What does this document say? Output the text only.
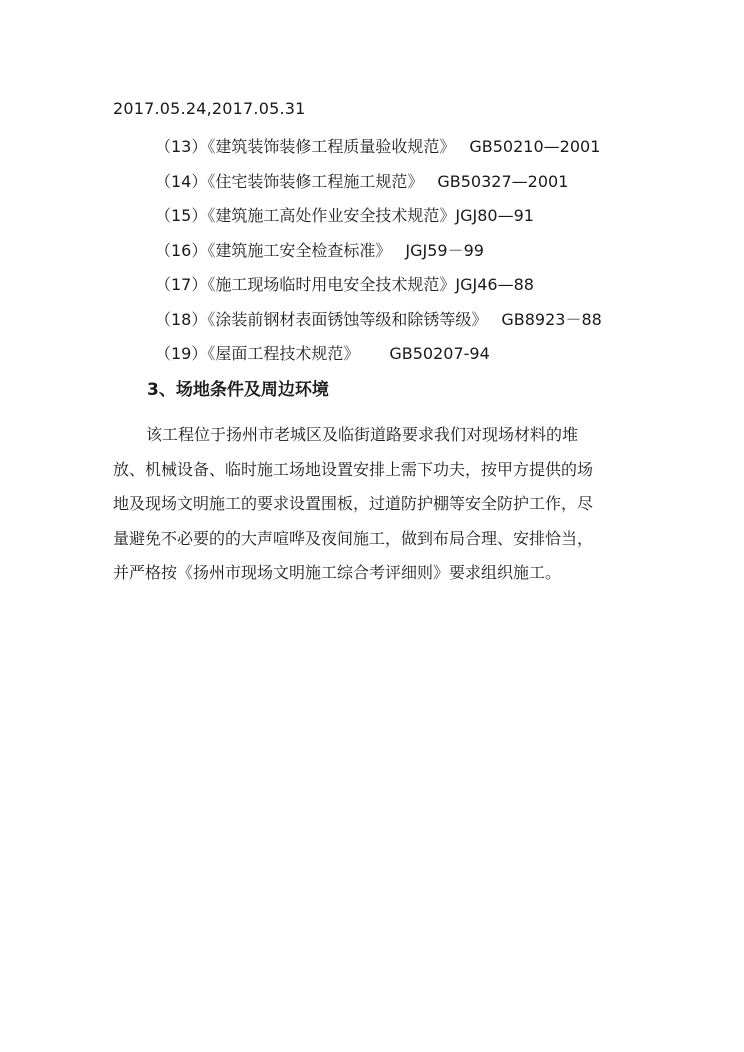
2017.05.24,2017.05.31
（13）《建筑装饰装修工程质量验收规范》 GB50210—2001
（14）《住宅装饰装修工程施工规范》 GB50327—2001
（15）《建筑施工高处作业安全技术规范》JGJ80—91
（16）《建筑施工安全检查标准》 JGJ59－99
（17）《施工现场临时用电安全技术规范》JGJ46—88
（18）《涂装前钢材表面锈蚀等级和除锈等级》 GB8923－88
（19）《屋面工程技术规范》 GB50207-94
3、场地条件及周边环境

该工程位于扬州市老城区及临街道路要求我们对现场材料的堆
放、机械设备、临时施工场地设置安排上需下功夫，按甲方提供的场
地及现场文明施工的要求设置围板，过道防护棚等安全防护工作，尽
量避免不必要的的大声喧哗及夜间施工，做到布局合理、安排恰当，
并严格按《扬州市现场文明施工综合考评细则》要求组织施工。
